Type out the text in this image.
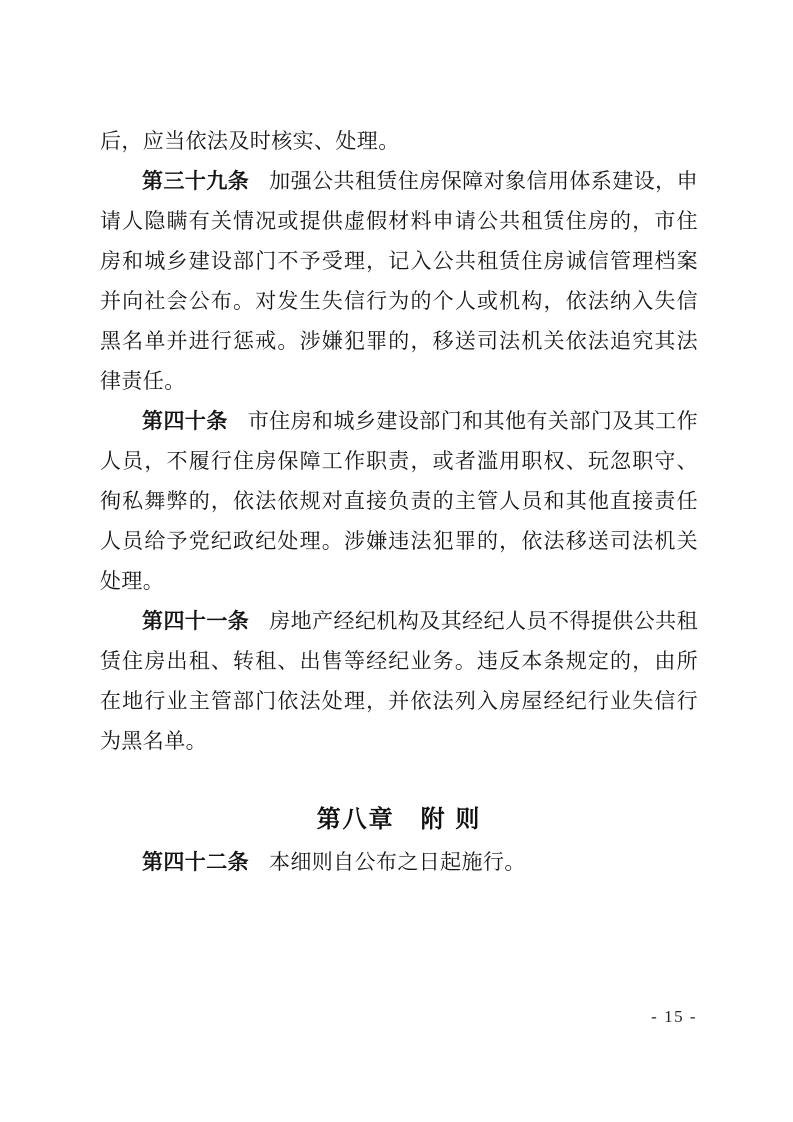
后，应当依法及时核实、处理。

第三十九条 加强公共租赁住房保障对象信用体系建设，申请人隐瞒有关情况或提供虚假材料申请公共租赁住房的，市住房和城乡建设部门不予受理，记入公共租赁住房诚信管理档案并向社会公布。对发生失信行为的个人或机构，依法纳入失信黑名单并进行惩戒。涉嫌犯罪的，移送司法机关依法追究其法律责任。

第四十条 市住房和城乡建设部门和其他有关部门及其工作人员，不履行住房保障工作职责，或者滥用职权、玩忽职守、徇私舞弊的，依法依规对直接负责的主管人员和其他直接责任人员给予党纪政纪处理。涉嫌违法犯罪的，依法移送司法机关处理。

第四十一条 房地产经纪机构及其经纪人员不得提供公共租赁住房出租、转租、出售等经纪业务。违反本条规定的，由所在地行业主管部门依法处理，并依法列入房屋经纪行业失信行为黑名单。

第八章　附 则

第四十二条 本细则自公布之日起施行。

- 15 -
